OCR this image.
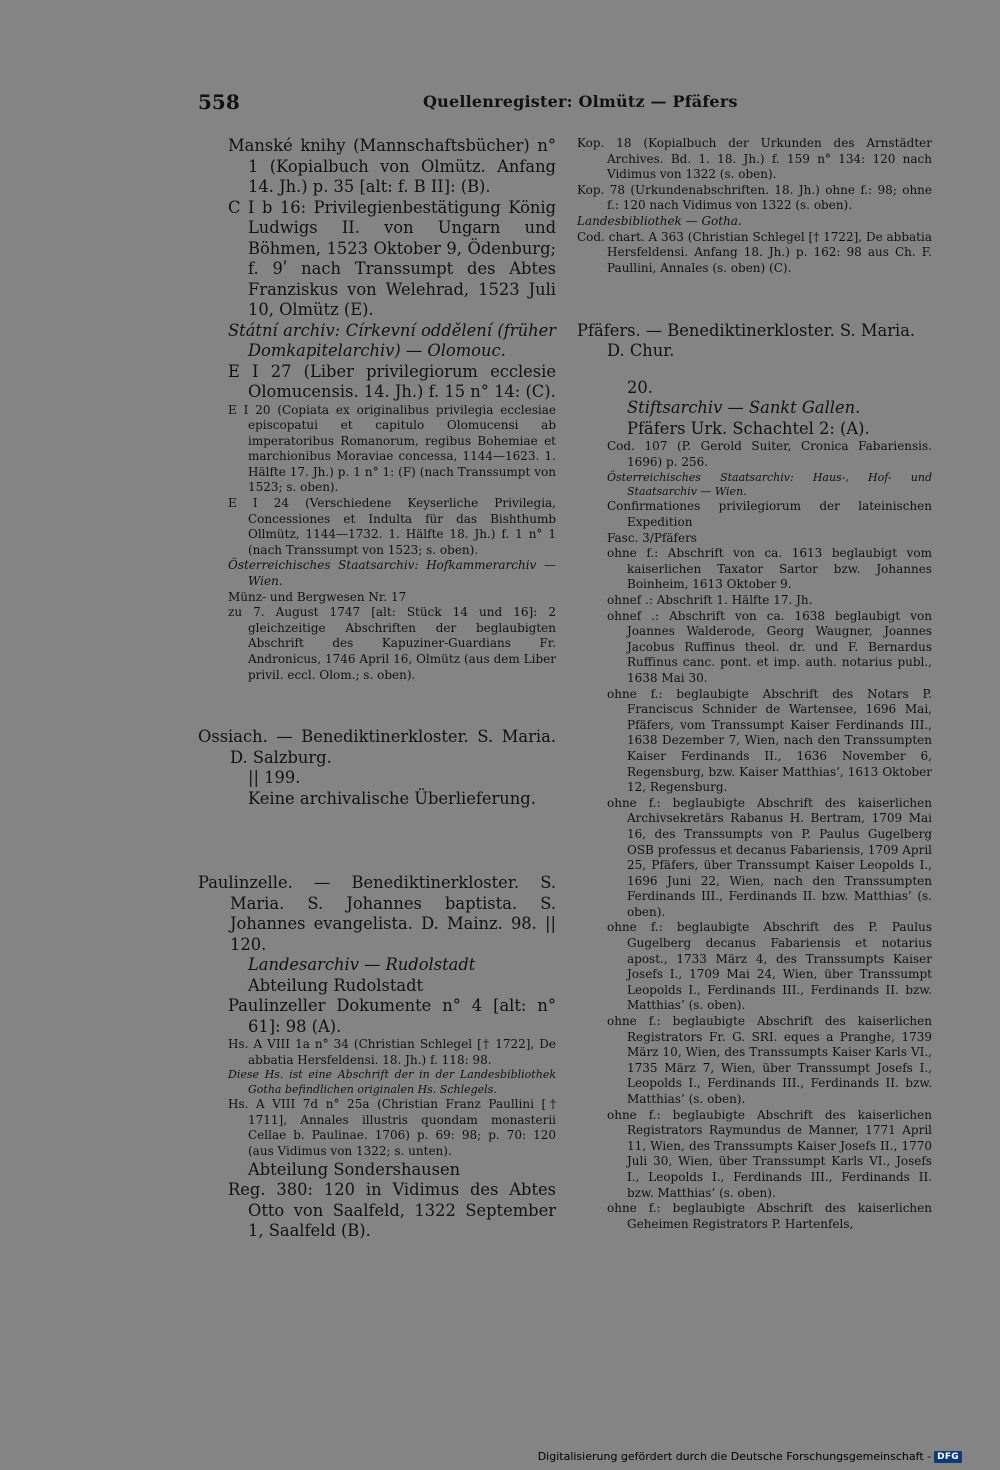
558	Quellenregister: Olmütz — Pfäfers

Manské knihy (Mannschaftsbücher) n° 1 (Kopialbuch von Olmütz. Anfang 14. Jh.) p. 35 [alt: f. B II]: (B).

C I b 16: Privilegienbestätigung König Ludwigs II. von Ungarn und Böhmen, 1523 Oktober 9, Ödenburg; f. 9ʹ nach Transsumpt des Abtes Franziskus von Welehrad, 1523 Juli 10, Olmütz (E).

Státní archiv: Církevní oddělení (früher Domkapitelarchiv) — Olomouc.

E I 27 (Liber privilegiorum ecclesie Olomucensis. 14. Jh.) f. 15 n° 14: (C).

E I 20 (Copiata ex originalibus privilegia ecclesiae episcopatui et capitulo Olomucensi ab imperatoribus Romanorum, regibus Bohemiae et marchionibus Moraviae concessa, 1144—1623. 1. Hälfte 17. Jh.) p. 1 n° 1: (F) (nach Transsumpt von 1523; s. oben).

E I 24 (Verschiedene Keyserliche Privilegia, Concessiones et Indulta für das Bishthumb Ollmütz, 1144—1732. 1. Hälfte 18. Jh.) f. 1 n° 1 (nach Transsumpt von 1523; s. oben).

Österreichisches Staatsarchiv: Hofkammerarchiv — Wien.

Münz- und Bergwesen Nr. 17

zu 7. August 1747 [alt: Stück 14 und 16]: 2 gleichzeitige Abschriften der beglaubigten Abschrift des Kapuziner-Guardians Fr. Andronicus, 1746 April 16, Olmütz (aus dem Liber privil. eccl. Olom.; s. oben).

Ossiach. — Benediktinerkloster. S. Maria. D. Salzburg.

|| 199.

Keine archivalische Überlieferung.

Paulinzelle. — Benediktinerkloster. S. Maria. S. Johannes baptista. S. Johannes evangelista. D. Mainz. 98. || 120.

Landesarchiv — Rudolstadt

Abteilung Rudolstadt

Paulinzeller Dokumente n° 4 [alt: n° 61]: 98 (A).

Hs. A VIII 1a n° 34 (Christian Schlegel [† 1722], De abbatia Hersfeldensi. 18. Jh.) f. 118: 98.

Diese Hs. ist eine Abschrift der in der Landesbibliothek Gotha befindlichen originalen Hs. Schlegels.

Hs. A VIII 7d n° 25a (Christian Franz Paullini [† 1711], Annales illustris quondam monasterii Cellae b. Paulinae. 1706) p. 69: 98; p. 70: 120 (aus Vidimus von 1322; s. unten).

Abteilung Sondershausen

Reg. 380: 120 in Vidimus des Abtes Otto von Saalfeld, 1322 September 1, Saalfeld (B).

Kop. 18 (Kopialbuch der Urkunden des Arnstädter Archives. Bd. 1. 18. Jh.) f. 159 n° 134: 120 nach Vidimus von 1322 (s. oben).

Kop. 78 (Urkundenabschriften. 18. Jh.) ohne f.: 98; ohne f.: 120 nach Vidimus von 1322 (s. oben).

Landesbibliothek — Gotha.

Cod. chart. A 363 (Christian Schlegel [† 1722], De abbatia Hersfeldensi. Anfang 18. Jh.) p. 162: 98 aus Ch. F. Paullini, Annales (s. oben) (C).

Pfäfers. — Benediktinerkloster. S. Maria. D. Chur.

20.

Stiftsarchiv — Sankt Gallen.

Pfäfers Urk. Schachtel 2: (A).

Cod. 107 (P. Gerold Suiter, Cronica Fabariensis. 1696) p. 256.

Österreichisches Staatsarchiv: Haus-, Hof- und Staatsarchiv — Wien.

Confirmationes privilegiorum der lateinischen Expedition

Fasc. 3/Pfäfers

ohne f.: Abschrift von ca. 1613 beglaubigt vom kaiserlichen Taxator Sartor bzw. Johannes Boinheim, 1613 Oktober 9.

ohnef .: Abschrift 1. Hälfte 17. Jh.

ohnef .: Abschrift von ca. 1638 beglaubigt von Joannes Walderode, Georg Waugner, Joannes Jacobus Ruffinus theol. dr. und F. Bernardus Ruffinus canc. pont. et imp. auth. notarius publ., 1638 Mai 30.

ohne f.: beglaubigte Abschrift des Notars P. Franciscus Schnider de Wartensee, 1696 Mai, Pfäfers, vom Transsumpt Kaiser Ferdinands III., 1638 Dezember 7, Wien, nach den Transsumpten Kaiser Ferdinands II., 1636 November 6, Regensburg, bzw. Kaiser Matthias’, 1613 Oktober 12, Regensburg.

ohne f.: beglaubigte Abschrift des kaiserlichen Archivsekretärs Rabanus H. Bertram, 1709 Mai 16, des Transsumpts von P. Paulus Gugelberg OSB professus et decanus Fabariensis, 1709 April 25, Pfäfers, über Transsumpt Kaiser Leopolds I., 1696 Juni 22, Wien, nach den Transsumpten Ferdinands III., Ferdinands II. bzw. Matthias’ (s. oben).

ohne f.: beglaubigte Abschrift des P. Paulus Gugelberg decanus Fabariensis et notarius apost., 1733 März 4, des Transsumpts Kaiser Josefs I., 1709 Mai 24, Wien, über Transsumpt Leopolds I., Ferdinands III., Ferdinands II. bzw. Matthias’ (s. oben).

ohne f.: beglaubigte Abschrift des kaiserlichen Registrators Fr. G. SRI. eques a Pranghe, 1739 März 10, Wien, des Transsumpts Kaiser Karls VI., 1735 März 7, Wien, über Transsumpt Josefs I., Leopolds I., Ferdinands III., Ferdinands II. bzw. Matthias’ (s. oben).

ohne f.: beglaubigte Abschrift des kaiserlichen Registrators Raymundus de Manner, 1771 April 11, Wien, des Transsumpts Kaiser Josefs II., 1770 Juli 30, Wien, über Transsumpt Karls VI., Josefs I., Leopolds I., Ferdinands III., Ferdinands II. bzw. Matthias’ (s. oben).

ohne f.: beglaubigte Abschrift des kaiserlichen Geheimen Registrators P. Hartenfels,

Digitalisierung gefördert durch die Deutsche Forschungsgemeinschaft - DFG
